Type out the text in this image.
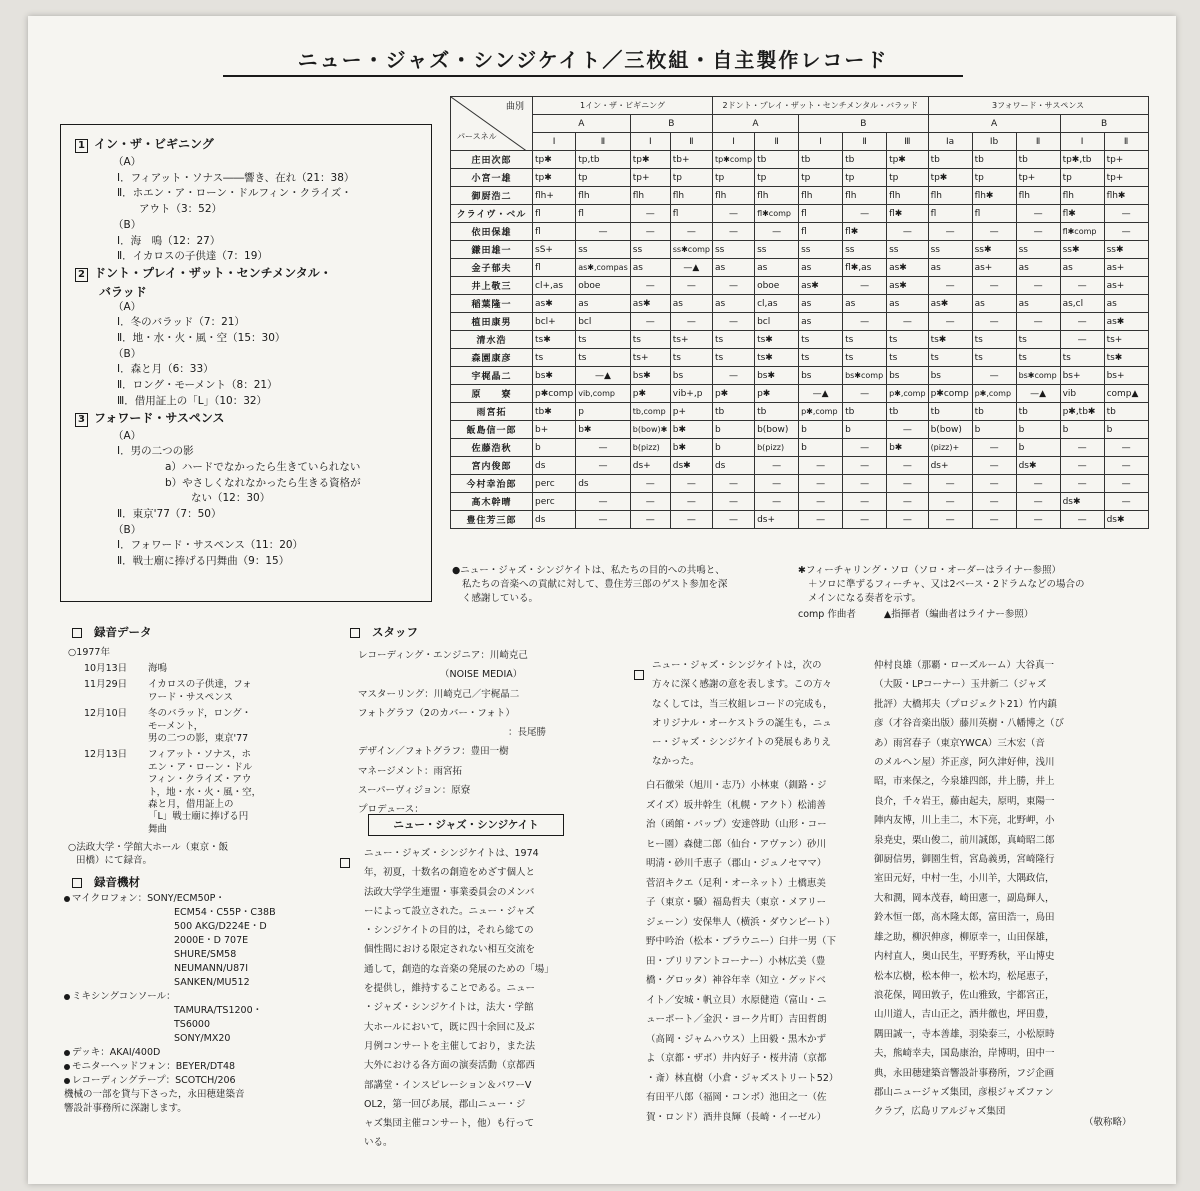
ニュー・ジャズ・シンジケイト／三枚組・自主製作レコード
1 イン・ザ・ビギニング
（A）
Ⅰ．フィアット・ソナス――響き、在れ（21：38）
Ⅱ．ホエン・ア・ローン・ドルフィン・クライズ・
アウト（3：52）
（B）
Ⅰ．海　鳴（12：27）
Ⅱ．イカロスの子供達（7：19）
2 ドント・プレイ・ザット・センチメンタル・
バラッド
（A）
Ⅰ．冬のバラッド（7：21）
Ⅱ．地・水・火・風・空（15：30）
（B）
Ⅰ．森と月（6：33）
Ⅱ．ロング・モーメント（8：21）
Ⅲ．借用証上の「L」（10：32）
3 フォワード・サスペンス
（A）
Ⅰ．男の二つの影
a）ハードでなかったら生きていられない
b）やさしくなれなかったら生きる資格が
ない（12：30）
Ⅱ．東京'77（7：50）
（B）
Ⅰ．フォワード・サスペンス（11：20）
Ⅱ．戦士廟に捧げる円舞曲（9：15）
曲別
パースネル	1イン・ザ・ビギニング				2ドント・プレイ・ザット・センチメンタル・バラッド					3フォワード・サスペンス				
	A		B		A		B			A			B	
	Ⅰ	Ⅱ	Ⅰ	Ⅱ	Ⅰ	Ⅱ	Ⅰ	Ⅱ	Ⅲ	Ⅰa	Ⅰb	Ⅱ	Ⅰ	Ⅱ
庄田次郎	tp✱	tp,tb	tp✱	tb+	tp✱comp	tb	tb	tb	tp✱	tb	tb	tb	tp✱,tb	tp+
小宮一雄	tp✱	tp	tp+	tp	tp	tp	tp	tp	tp	tp✱	tp	tp+	tp	tp+
御厨浩二	flh+	flh	flh	flh	flh	flh	flh	flh	flh	flh	flh✱	flh	flh	flh✱
クライヴ・ベル	fl	fl	—	fl	—	fl✱comp	fl	—	fl✱	fl	fl	—	fl✱	—
依田保雄	fl	—	—	—	—	—	fl	fl✱	—	—	—	—	fl✱comp	—
鎌田雄一	sS+	ss	ss	ss✱comp	ss	ss	ss	ss	ss	ss	ss✱	ss	ss✱	ss✱
金子郁夫	fl	as✱,compas	as	—▲	as	as	as	fl✱,as	as✱	as	as+	as	as	as+
井上敬三	cl+,as	oboe	—	—	—	oboe	as✱	—	as✱	—	—	—	—	as+
稲葉隆一	as✱	as	as✱	as	as	cl,as	as	as	as	as✱	as	as	as,cl	as
植田康男	bcl+	bcl	—	—	—	bcl	as	—	—	—	—	—	—	as✱
清水浩	ts✱	ts	ts	ts+	ts	ts✱	ts	ts	ts	ts✱	ts	ts	—	ts+
森園康彦	ts	ts	ts+	ts	ts	ts✱	ts	ts	ts	ts	ts	ts	ts	ts✱
宇梶晶二	bs✱	—▲	bs✱	bs	—	bs✱	bs	bs✱comp	bs	bs	—	bs✱comp	bs+	bs+
原　　寮	p✱comp	vib,comp	p✱	vib+,p	p✱	p✱	—▲	—	p✱,comp	p✱comp	p✱,comp	—▲	vib	comp▲
雨宮拓	tb✱	p	tb,comp	p+	tb	tb	p✱,comp	tb	tb	tb	tb	tb	p✱,tb✱	tb
飯島信一郎	b+	b✱	b(bow)✱	b✱	b	b(bow)	b	b	—	b(bow)	b	b	b	b
佐藤浩秋	b	—	b(pizz)	b✱	b	b(pizz)	b	—	b✱	(pizz)+	—	b	—	—
宮内俊郎	ds	—	ds+	ds✱	ds	—	—	—	—	ds+	—	ds✱	—	—
今村幸治郎	perc	ds	—	—	—	—	—	—	—	—	—	—	—	—
高木幹晴	perc	—	—	—	—	—	—	—	—	—	—	—	ds✱	—
豊住芳三郎	ds	—	—	—	—	ds+	—	—	—	—	—	—	—	ds✱
●ニュー・ジャズ・シンジケイトは、私たちの目的への共鳴と、
私たちの音楽への貢献に対して、豊住芳三郎のゲスト参加を深
く感謝している。
✱フィーチャリング・ソロ（ソロ・オーダーはライナー参照）
＋ソロに準ずるフィーチャ、又は2ベース・2ドラムなどの場合の
メインになる奏者を示す。
comp 作曲者	▲指揮者（編曲者はライナー参照）
録音データ
○1977年
10月13日 海鳴
11月29日 イカロスの子供達，フォ
ワード・サスペンス
12月10日 冬のバラッド，ロング・
モーメント，
男の二つの影，東京'77
12月13日 フィアット・ソナス，ホ
エン・ア・ローン・ドル
フィン・クライズ・アウ
ト，地・水・火・風・空，
森と月，借用証上の
「L」戦士廟に捧げる円
舞曲
○法政大学・学館大ホール（東京・飯
田橋）にて録音。
録音機材
マイクロフォン：SONY/ECM50P・
ECM54・C55P・C38B
500 AKG/D224E・D
2000E・D 707E
SHURE/SM58
NEUMANN/U87I
SANKEN/MU512
ミキシングコンソール：
TAMURA/TS1200・
TS6000
SONY/MX20
デッキ：AKAI/400D
モニターヘッドフォン：BEYER/DT48
レコーディングテープ：SCOTCH/206
機械の一部を貸与下さった，永田穂建築音
響設計事務所に深謝します。
スタッフ
レコーディング・エンジニア：川崎克己
（NOISE MEDIA）
マスターリング：川崎克己／宇梶晶二
フォトグラフ（2のカバー・フォト）
：長尾勝
デザイン／フォトグラフ：豊田一樹
マネージメント：雨宮拓
スーパーヴィジョン：原寮
プロデュース：
ニュー・ジャズ・シンジケイト
ニュー・ジャズ・シンジケイトは、1974
年，初夏，十数名の創造をめざす個人と
法政大学学生連盟・事業委員会のメンバ
ーによって設立された。ニュー・ジャズ
・シンジケイトの目的は，それら総ての
個性間における限定されない相互交流を
通して，創造的な音楽の発展のための「場」
を提供し，維持することである。ニュー
・ジャズ・シンジケイトは，法大・学館
大ホールにおいて，既に四十余回に及ぶ
月例コンサートを主催しており，また法
大外における各方面の演奏活動（京都西
部講堂・インスピレーション＆パワーV
OL2，第一回びあ展，郡山ニュー・ジ
ャズ集団主催コンサート，他）も行って
いる。
ニュー・ジャズ・シンジケイトは，次の
方々に深く感謝の意を表します。この方々
なくしては，当三枚組レコードの完成も，
オリジナル・オーケストラの誕生も，ニュ
ー・ジャズ・シンジケイトの発展もありえ
なかった。
白石徹栄（旭川・志乃）小林東（釧路・ジ
ズイズ）坂井幹生（札幌・アクト）松浦善
治（函館・パップ）安達啓助（山形・コー
ヒー園）森健二郎（仙台・アヴァン）砂川
明清・砂川千恵子（郡山・ジュノセママ）
菅沼キクエ（足利・オーネット）土橋恵美
子（東京・騒）福島哲夫（東京・メアリー
ジェーン）安保隼人（横浜・ダウンビート）
野中吟治（松本・ブラウニー）臼井一男（下
田・ブリリアントコーナー）小林広美（豊
橋・グロッタ）神谷年幸（知立・グッドベ
イト／安城・帆立貝）水原健造（富山・ニ
ューポート／金沢・ヨーク片町）吉田哲朗
（高岡・ジャムハウス）上田毅・黒木かず
よ（京都・ザボ）井内好子・桜井清（京都
・斎）林直樹（小倉・ジャズストリート52）
有田平八郎（福岡・コンボ）池田之一（佐
賀・ロンド）酒井良輝（長崎・イーゼル）
仲村良雄（那覇・ローズルーム）大谷真一
（大阪・LPコーナー）玉井新二（ジャズ
批評）大橋邦夫（プロジェクト21）竹内鎮
彦（才谷音楽出版）藤川英樹・八幡博之（び
あ）雨宮春子（東京YWCA）三木宏（音
のメルヘン屋）芥正彦，阿久津好伸，浅川
昭，市来保之，今泉雄四郎，井上勝，井上
良介，千々岩王，藤由起夫，原明，東陽一
陣内友博，川上圭二，木下亮，北野岬，小
泉尭史，栗山俊二，前川誠郎，真崎昭二郎
御厨信男，御園生哲，宮島義勇，宮崎隆行
室田元好，中村一生，小川羊，大隅政信，
大和潤，岡本茂春，崎田憲一，副島輝人，
鈴木恒一郎，高木隆太郎，富田浩一，鳥田
雄之助，柳沢伸彦，柳原幸一，山田保雄，
内村直人，奥山民生，平野秀秋，平山博史
松本広樹，松本伸一，松木均，松尾恵子，
浪花保，岡田敦子，佐山雅致，宇都宮正，
山川道人，吉山正之，酒井徹也，坪田豊，
隅田誠一，寺本善雄，羽染泰三，小松原時
夫，熊崎幸夫，国島康治，岸博明，田中一
典，永田穂建築音響設計事務所，フジ企画
郡山ニュージャズ集団，彦根ジャズファン
クラブ，広島リアルジャズ集団
（敬称略）
